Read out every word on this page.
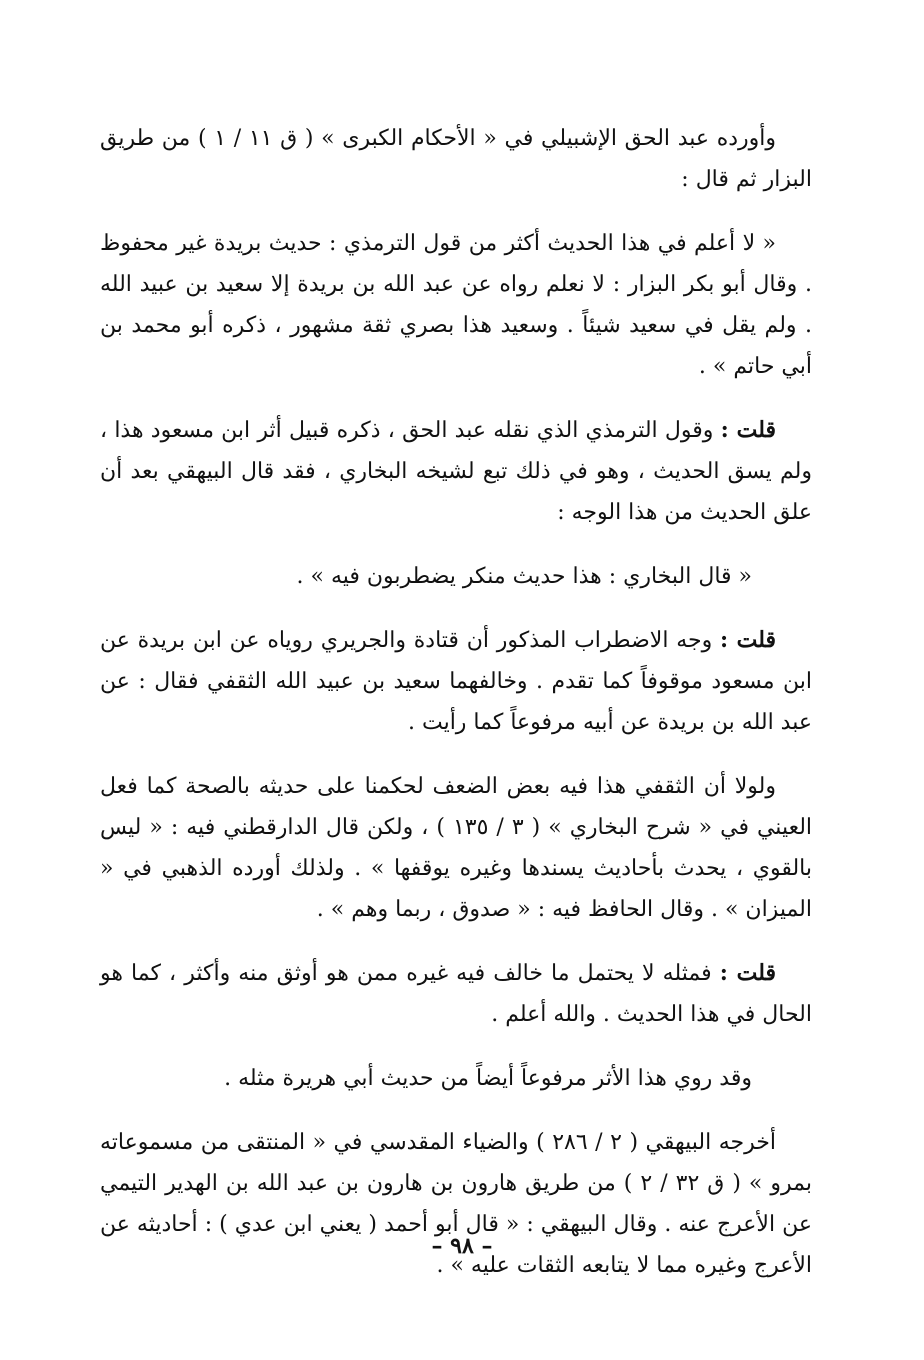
وأورده عبد الحق الإشبيلي في « الأحكام الكبرى » ( ق ١١ / ١ ) من طريق البزار ثم قال :

« لا أعلم في هذا الحديث أكثر من قول الترمذي : حديث بريدة غير محفوظ . وقال أبو بكر البزار : لا نعلم رواه عن عبد الله بن بريدة إلا سعيد بن عبيد الله . ولم يقل في سعيد شيئاً . وسعيد هذا بصري ثقة مشهور ، ذكره أبو محمد بن أبي حاتم » .

قلت : وقول الترمذي الذي نقله عبد الحق ، ذكره قبيل أثر ابن مسعود هذا ، ولم يسق الحديث ، وهو في ذلك تبع لشيخه البخاري ، فقد قال البيهقي بعد أن علق الحديث من هذا الوجه :

« قال البخاري : هذا حديث منكر يضطربون فيه » .

قلت : وجه الاضطراب المذكور أن قتادة والجريري روياه عن ابن بريدة عن ابن مسعود موقوفاً كما تقدم . وخالفهما سعيد بن عبيد الله الثقفي فقال : عن عبد الله بن بريدة عن أبيه مرفوعاً كما رأيت .

ولولا أن الثقفي هذا فيه بعض الضعف لحكمنا على حديثه بالصحة كما فعل العيني في « شرح البخاري » ( ٣ / ١٣٥ ) ، ولكن قال الدارقطني فيه : « ليس بالقوي ، يحدث بأحاديث يسندها وغيره يوقفها » . ولذلك أورده الذهبي في « الميزان » . وقال الحافظ فيه : « صدوق ، ربما وهم » .

قلت : فمثله لا يحتمل ما خالف فيه غيره ممن هو أوثق منه وأكثر ، كما هو الحال في هذا الحديث . والله أعلم .

وقد روي هذا الأثر مرفوعاً أيضاً من حديث أبي هريرة مثله .

أخرجه البيهقي ( ٢ / ٢٨٦ ) والضياء المقدسي في « المنتقى من مسموعاته بمرو » ( ق ٣٢ / ٢ ) من طريق هارون بن هارون بن عبد الله بن الهدير التيمي عن الأعرج عنه . وقال البيهقي : « قال أبو أحمد ( يعني ابن عدي ) : أحاديثه عن الأعرج وغيره مما لا يتابعه الثقات عليه » .

– ٩٨ –
